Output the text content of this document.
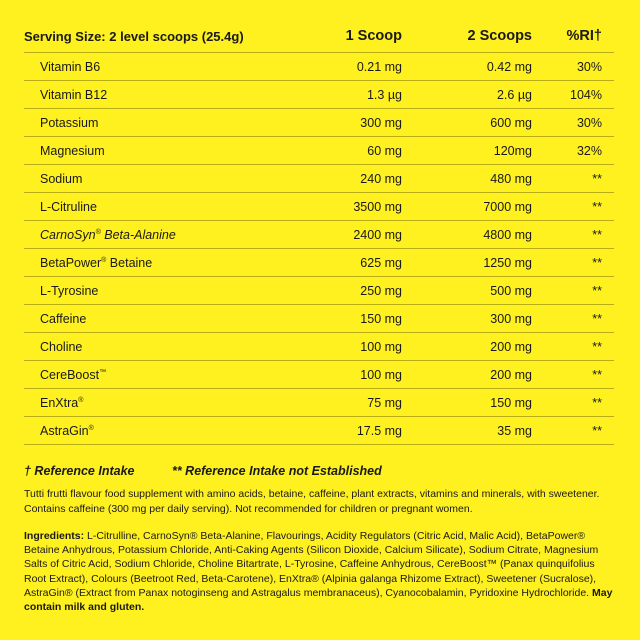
Serving Size: 2 level scoops (25.4g)	1 Scoop	2 Scoops	%RI†
Vitamin B6	0.21 mg	0.42 mg	30%
Vitamin B12	1.3 µg	2.6 µg	104%
Potassium	300 mg	600 mg	30%
Magnesium	60 mg	120mg	32%
Sodium	240 mg	480 mg	**
L-Citruline	3500 mg	7000 mg	**
CarnoSyn® Beta-Alanine	2400 mg	4800 mg	**
BetaPower® Betaine	625 mg	1250 mg	**
L-Tyrosine	250 mg	500 mg	**
Caffeine	150 mg	300 mg	**
Choline	100 mg	200 mg	**
CereBoost™	100 mg	200 mg	**
EnXtra®	75 mg	150 mg	**
AstraGin®	17.5 mg	35 mg	**
† Reference Intake	** Reference Intake not Established
Tutti frutti flavour food supplement with amino acids, betaine, caffeine, plant extracts, vitamins and minerals, with sweetener. Contains caffeine (300 mg per daily serving). Not recommended for children or pregnant women.
Ingredients: L-Citrulline, CarnoSyn® Beta-Alanine, Flavourings, Acidity Regulators (Citric Acid, Malic Acid), BetaPower® Betaine Anhydrous, Potassium Chloride, Anti-Caking Agents (Silicon Dioxide, Calcium Silicate), Sodium Citrate, Magnesium Salts of Citric Acid, Sodium Chloride, Choline Bitartrate, L-Tyrosine, Caffeine Anhydrous, CereBoost™ (Panax quinquifolius Root Extract), Colours (Beetroot Red, Beta-Carotene), EnXtra® (Alpinia galanga Rhizome Extract), Sweetener (Sucralose), AstraGin® (Extract from Panax notoginseng and Astragalus membranaceus), Cyanocobalamin, Pyridoxine Hydrochloride. May contain milk and gluten.
